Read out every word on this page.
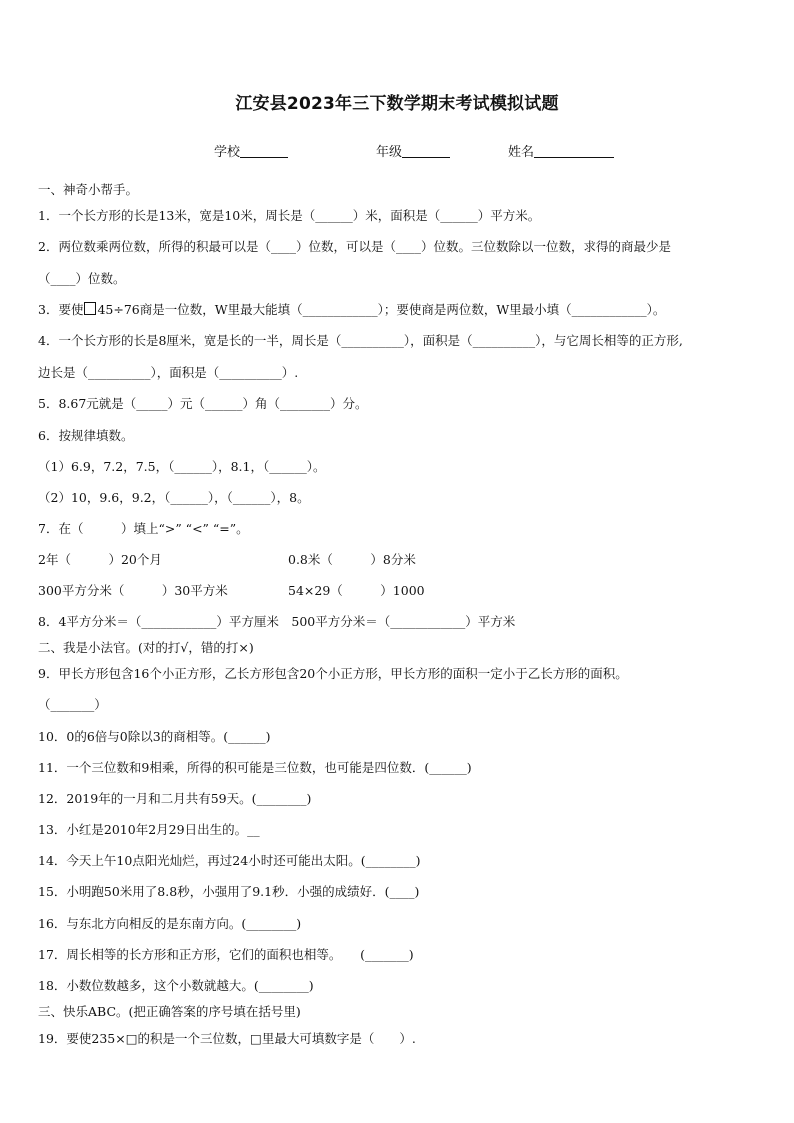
江安县2023年三下数学期末考试模拟试题
学校	年级	姓名
一、神奇小帮手。
1．一个长方形的长是13米，宽是10米，周长是（______）米，面积是（______）平方米。
2．两位数乘两位数，所得的积最可以是（____）位数，可以是（____）位数。三位数除以一位数，求得的商最少是
（____）位数。
3．要使 45÷76商是一位数，W里最大能填（____________）；要使商是两位数，W里最小填（____________）。
4．一个长方形的长是8厘米，宽是长的一半，周长是（__________），面积是（__________），与它周长相等的正方形,
边长是（__________），面积是（__________）.
5．8.67元就是（_____）元（______）角（________）分。
6．按规律填数。
（1）6.9，7.2，7.5，（______），8.1，（______）。
（2）10，9.6，9.2，（______），（______），8。
7．在（　　　）填上“>” “<” “=”。
2年（　　　）20个月	0.8米（　　　）8分米
300平方分米（　　　）30平方米	54×29（　　　）1000
8．4平方分米＝（____________）平方厘米　500平方分米＝（____________）平方米
二、我是小法官。(对的打√，错的打×)
9．甲长方形包含16个小正方形，乙长方形包含20个小正方形，甲长方形的面积一定小于乙长方形的面积。
（_______）
10．0的6倍与0除以3的商相等。(______)
11．一个三位数和9相乘，所得的积可能是三位数，也可能是四位数．(______)
12．2019年的一月和二月共有59天。(________)
13．小红是2010年2月29日出生的。__
14．今天上午10点阳光灿烂，再过24小时还可能出太阳。(________)
15．小明跑50米用了8.8秒，小强用了9.1秒．小强的成绩好．(____)
16．与东北方向相反的是东南方向。(________)
17．周长相等的长方形和正方形，它们的面积也相等。　　(_______)
18．小数位数越多，这个小数就越大。(________)
三、快乐ABC。(把正确答案的序号填在括号里)
19．要使235×□的积是一个三位数，□里最大可填数字是（　　）.
